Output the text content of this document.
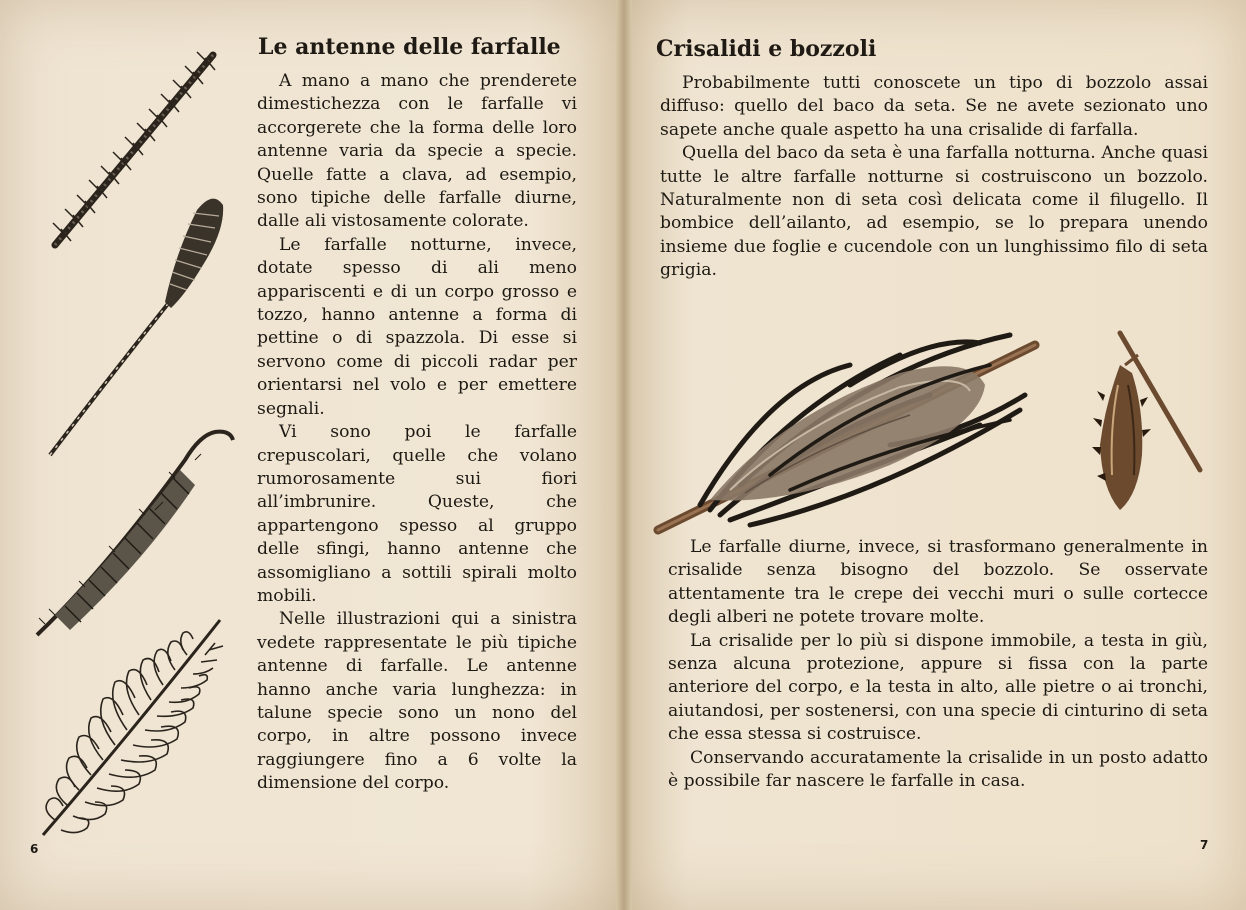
Le antenne delle farfalle

A mano a mano che prenderete dimestichezza con le farfalle vi accorgerete che la forma delle loro antenne varia da specie a specie. Quelle fatte a clava, ad esempio, sono tipiche delle farfalle diurne, dalle ali vistosamente colorate.

Le farfalle notturne, invece, dotate spesso di ali meno appariscenti e di un corpo grosso e tozzo, hanno antenne a forma di pettine o di spazzola. Di esse si servono come di piccoli radar per orientarsi nel volo e per emettere segnali.

Vi sono poi le farfalle crepuscolari, quelle che volano rumorosamente sui fiori all’imbrunire. Queste, che appartengono spesso al gruppo delle sfingi, hanno antenne che assomigliano a sottili spirali molto mobili.

Nelle illustrazioni qui a sinistra vedete rappresentate le più tipiche antenne di farfalle. Le antenne hanno anche varia lunghezza: in talune specie sono un nono del corpo, in altre possono invece raggiungere fino a 6 volte la dimensione del corpo.

6
Crisalidi e bozzoli

Probabilmente tutti conoscete un tipo di bozzolo assai diffuso: quello del baco da seta. Se ne avete sezionato uno sapete anche quale aspetto ha una crisalide di farfalla.

Quella del baco da seta è una farfalla notturna. Anche quasi tutte le altre farfalle notturne si costruiscono un bozzolo. Naturalmente non di seta così delicata come il filugello. Il bombice dell’ailanto, ad esempio, se lo prepara unendo insieme due foglie e cucendole con un lunghissimo filo di seta grigia.

Le farfalle diurne, invece, si trasformano generalmente in crisalide senza bisogno del bozzolo. Se osservate attentamente tra le crepe dei vecchi muri o sulle cortecce degli alberi ne potete trovare molte.

La crisalide per lo più si dispone immobile, a testa in giù, senza alcuna protezione, appure si fissa con la parte anteriore del corpo, e la testa in alto, alle pietre o ai tronchi, aiutandosi, per sostenersi, con una specie di cinturino di seta che essa stessa si costruisce.

Conservando accuratamente la crisalide in un posto adatto è possibile far nascere le farfalle in casa.

7
